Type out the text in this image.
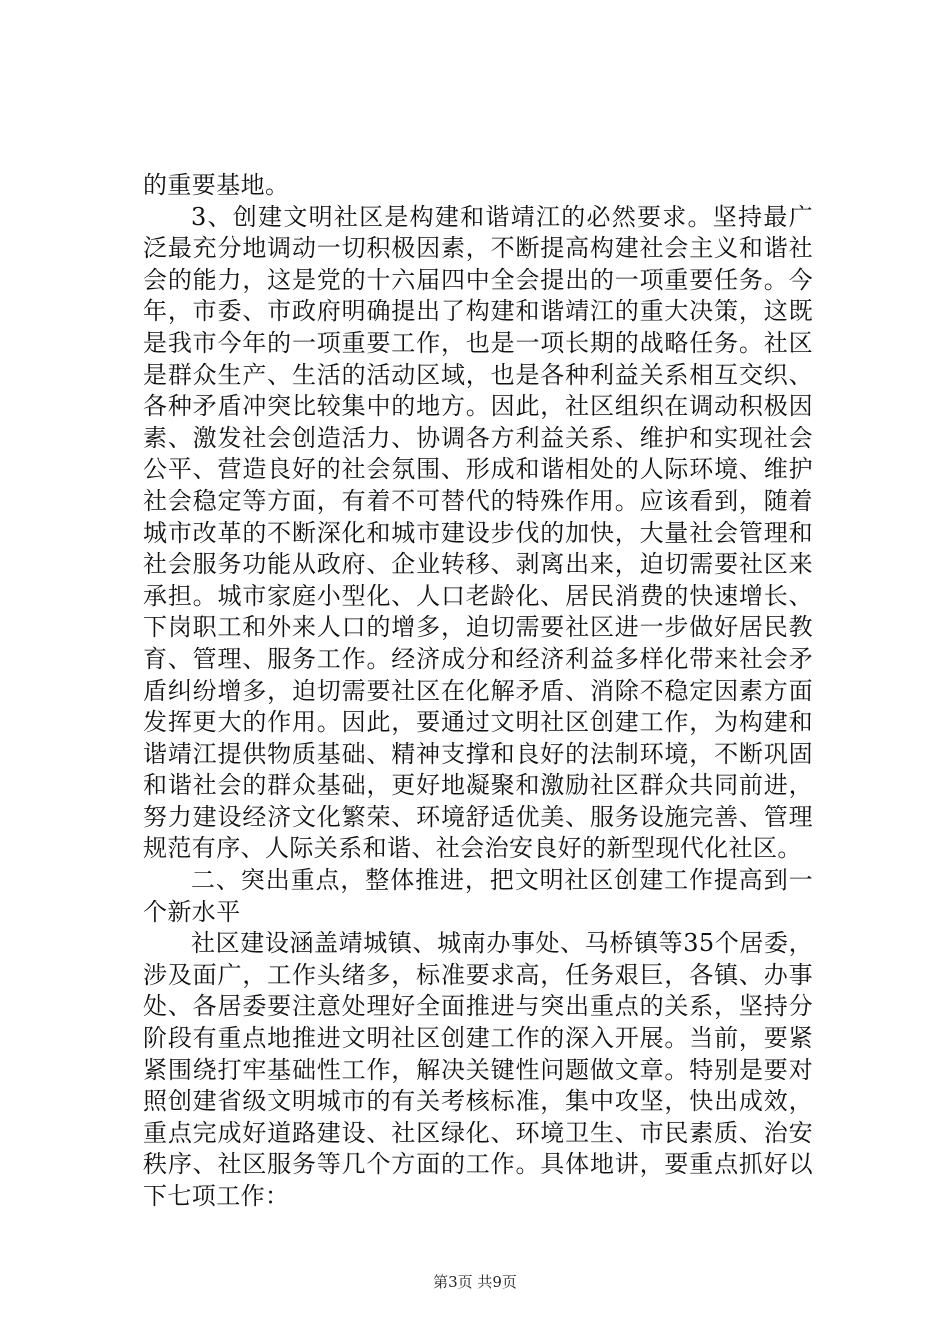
的重要基地。

3、创建文明社区是构建和谐靖江的必然要求。坚持最广泛最充分地调动一切积极因素，不断提高构建社会主义和谐社会的能力，这是党的十六届四中全会提出的一项重要任务。今年，市委、市政府明确提出了构建和谐靖江的重大决策，这既是我市今年的一项重要工作，也是一项长期的战略任务。社区是群众生产、生活的活动区域，也是各种利益关系相互交织、各种矛盾冲突比较集中的地方。因此，社区组织在调动积极因素、激发社会创造活力、协调各方利益关系、维护和实现社会公平、营造良好的社会氛围、形成和谐相处的人际环境、维护社会稳定等方面，有着不可替代的特殊作用。应该看到，随着城市改革的不断深化和城市建设步伐的加快，大量社会管理和社会服务功能从政府、企业转移、剥离出来，迫切需要社区来承担。城市家庭小型化、人口老龄化、居民消费的快速增长、下岗职工和外来人口的增多，迫切需要社区进一步做好居民教育、管理、服务工作。经济成分和经济利益多样化带来社会矛盾纠纷增多，迫切需要社区在化解矛盾、消除不稳定因素方面发挥更大的作用。因此，要通过文明社区创建工作，为构建和谐靖江提供物质基础、精神支撑和良好的法制环境，不断巩固和谐社会的群众基础，更好地凝聚和激励社区群众共同前进，努力建设经济文化繁荣、环境舒适优美、服务设施完善、管理规范有序、人际关系和谐、社会治安良好的新型现代化社区。

二、突出重点，整体推进，把文明社区创建工作提高到一个新水平

社区建设涵盖靖城镇、城南办事处、马桥镇等35个居委，涉及面广，工作头绪多，标准要求高，任务艰巨，各镇、办事处、各居委要注意处理好全面推进与突出重点的关系，坚持分阶段有重点地推进文明社区创建工作的深入开展。当前，要紧紧围绕打牢基础性工作，解决关键性问题做文章。特别是要对照创建省级文明城市的有关考核标准，集中攻坚，快出成效，重点完成好道路建设、社区绿化、环境卫生、市民素质、治安秩序、社区服务等几个方面的工作。具体地讲，要重点抓好以下七项工作：

第3页 共9页
